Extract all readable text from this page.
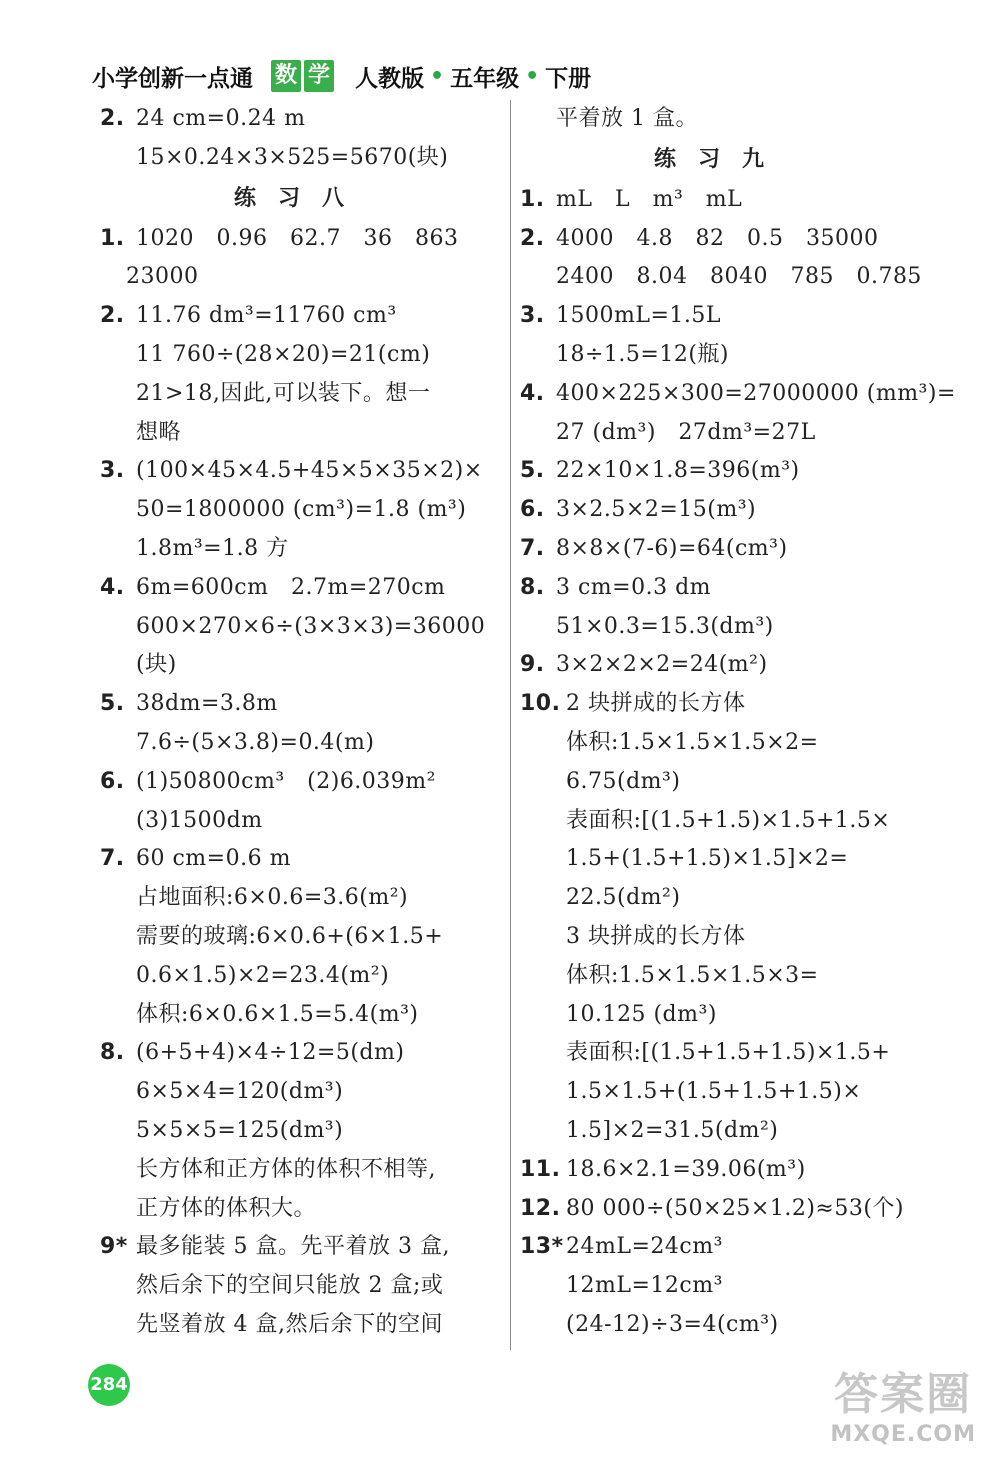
小学创新一点通 数 学 人教版 • 五年级 • 下册
2. 24 cm=0.24 m
15×0.24×3×525=5670(块)
练习八
1. 1020　0.96　62.7　36　863
23000
2. 11.76 dm³=11760 cm³
11 760÷(28×20)=21(cm)
21>18,因此,可以装下。想一
想略
3. (100×45×4.5+45×5×35×2)×
50=1800000 (cm³)=1.8 (m³)
1.8m³=1.8 方
4. 6m=600cm　2.7m=270cm
600×270×6÷(3×3×3)=36000
(块)
5. 38dm=3.8m
7.6÷(5×3.8)=0.4(m)
6. (1)50800cm³　(2)6.039m²
(3)1500dm
7. 60 cm=0.6 m
占地面积:6×0.6=3.6(m²)
需要的玻璃:6×0.6+(6×1.5+
0.6×1.5)×2=23.4(m²)
体积:6×0.6×1.5=5.4(m³)
8. (6+5+4)×4÷12=5(dm)
6×5×4=120(dm³)
5×5×5=125(dm³)
长方体和正方体的体积不相等,
正方体的体积大。
9* 最多能装 5 盒。先平着放 3 盒,
然后余下的空间只能放 2 盒;或
先竖着放 4 盒,然后余下的空间
平着放 1 盒。
练习九
1. mL　L　m³　mL
2. 4000　4.8　82　0.5　35000
2400　8.04　8040　785　0.785
3. 1500mL=1.5L
18÷1.5=12(瓶)
4. 400×225×300=27000000 (mm³)=
27 (dm³)　27dm³=27L
5. 22×10×1.8=396(m³)
6. 3×2.5×2=15(m³)
7. 8×8×(7-6)=64(cm³)
8. 3 cm=0.3 dm
51×0.3=15.3(dm³)
9. 3×2×2×2=24(m²)
10. 2 块拼成的长方体
体积:1.5×1.5×1.5×2=
6.75(dm³)
表面积:[(1.5+1.5)×1.5+1.5×
1.5+(1.5+1.5)×1.5]×2=
22.5(dm²)
3 块拼成的长方体
体积:1.5×1.5×1.5×3=
10.125 (dm³)
表面积:[(1.5+1.5+1.5)×1.5+
1.5×1.5+(1.5+1.5+1.5)×
1.5]×2=31.5(dm²)
11. 18.6×2.1=39.06(m³)
12. 80 000÷(50×25×1.2)≈53(个)
13* 24mL=24cm³
12mL=12cm³
(24-12)÷3=4(cm³)
284	答案圈
MXQE.COM
